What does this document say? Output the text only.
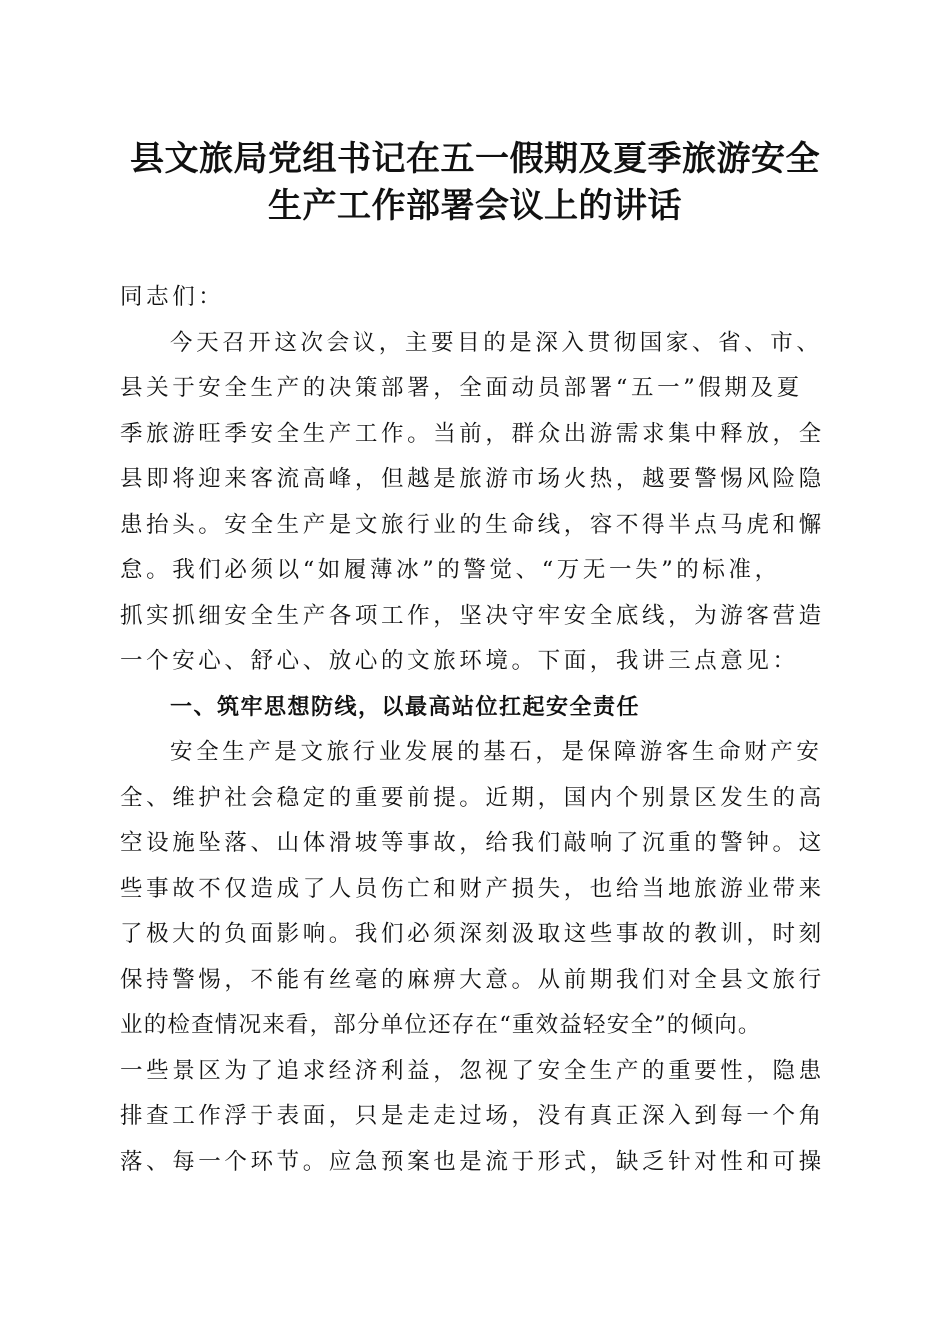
县文旅局党组书记在五一假期及夏季旅游安全
生产工作部署会议上的讲话
同志们：
今天召开这次会议，主要目的是深入贯彻国家、省、市、
县关于安全生产的决策部署，全面动员部署“五一”假期及夏
季旅游旺季安全生产工作。当前，群众出游需求集中释放，全
县即将迎来客流高峰，但越是旅游市场火热，越要警惕风险隐
患抬头。安全生产是文旅行业的生命线，容不得半点马虎和懈
怠。我们必须以“如履薄冰”的警觉、“万无一失”的标准，
抓实抓细安全生产各项工作，坚决守牢安全底线，为游客营造
一个安心、舒心、放心的文旅环境。下面，我讲三点意见：
一、筑牢思想防线，以最高站位扛起安全责任
安全生产是文旅行业发展的基石，是保障游客生命财产安
全、维护社会稳定的重要前提。近期，国内个别景区发生的高
空设施坠落、山体滑坡等事故，给我们敲响了沉重的警钟。这
些事故不仅造成了人员伤亡和财产损失，也给当地旅游业带来
了极大的负面影响。我们必须深刻汲取这些事故的教训，时刻
保持警惕，不能有丝毫的麻痹大意。从前期我们对全县文旅行
业的检查情况来看，部分单位还存在“重效益轻安全”的倾向。
一些景区为了追求经济利益，忽视了安全生产的重要性，隐患
排查工作浮于表面，只是走走过场，没有真正深入到每一个角
落、每一个环节。应急预案也是流于形式，缺乏针对性和可操
